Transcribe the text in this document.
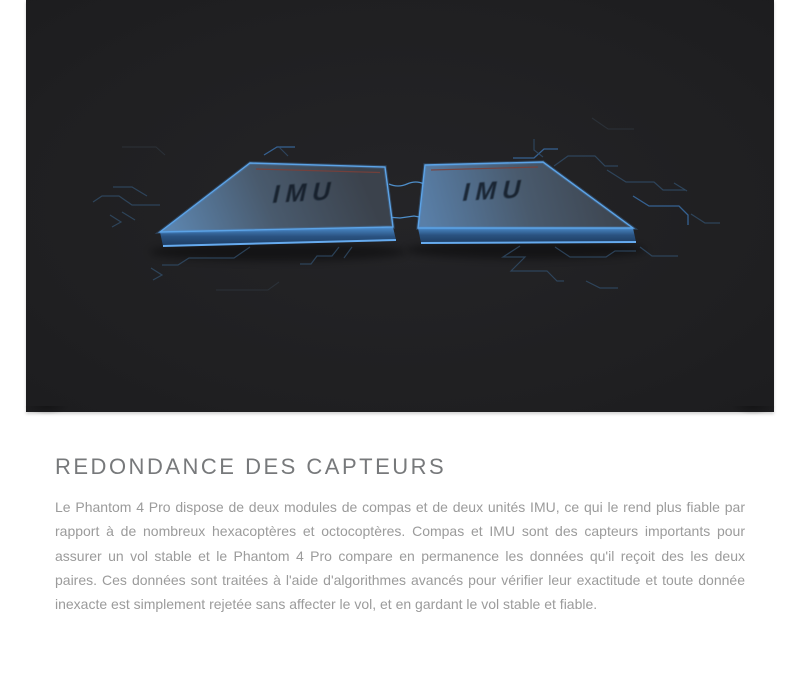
IMU	IMU
REDONDANCE DES CAPTEURS

Le Phantom 4 Pro dispose de deux modules de compas et de deux unités IMU, ce qui le rend plus fiable par rapport à de nombreux hexacoptères et octocoptères. Compas et IMU sont des capteurs importants pour assurer un vol stable et le Phantom 4 Pro compare en permanence les données qu'il reçoit des les deux paires. Ces données sont traitées à l'aide d'algorithmes avancés pour vérifier leur exactitude et toute donnée inexacte est simplement rejetée sans affecter le vol, et en gardant le vol stable et fiable.
